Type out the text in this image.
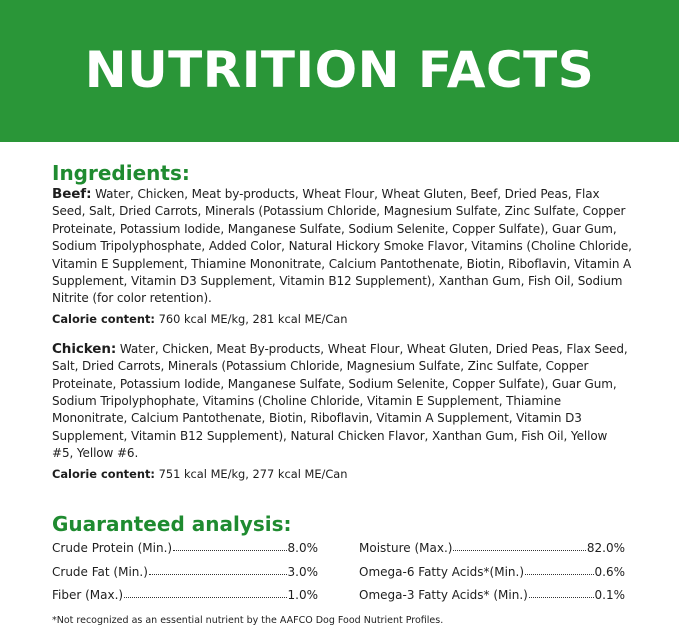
NUTRITION FACTS
Ingredients:

Beef: Water, Chicken, Meat by-products, Wheat Flour, Wheat Gluten, Beef, Dried Peas, Flax Seed, Salt, Dried Carrots, Minerals (Potassium Chloride, Magnesium Sulfate, Zinc Sulfate, Copper Proteinate, Potassium Iodide, Manganese Sulfate, Sodium Selenite, Copper Sulfate), Guar Gum, Sodium Tripolyphosphate, Added Color, Natural Hickory Smoke Flavor, Vitamins (Choline Chloride, Vitamin E Supplement, Thiamine Mononitrate, Calcium Pantothenate, Biotin, Riboflavin, Vitamin A Supplement, Vitamin D3 Supplement, Vitamin B12 Supplement), Xanthan Gum, Fish Oil, Sodium Nitrite (for color retention).

Calorie content: 760 kcal ME/kg, 281 kcal ME/Can

Chicken: Water, Chicken, Meat By-products, Wheat Flour, Wheat Gluten, Dried Peas, Flax Seed, Salt, Dried Carrots, Minerals (Potassium Chloride, Magnesium Sulfate, Zinc Sulfate, Copper Proteinate, Potassium Iodide, Manganese Sulfate, Sodium Selenite, Copper Sulfate), Guar Gum, Sodium Tripolyphophate, Vitamins (Choline Chloride, Vitamin E Supplement, Thiamine Mononitrate, Calcium Pantothenate, Biotin, Riboflavin, Vitamin A Supplement, Vitamin D3 Supplement, Vitamin B12 Supplement), Natural Chicken Flavor, Xanthan Gum, Fish Oil, Yellow #5, Yellow #6.

Calorie content: 751 kcal ME/kg, 277 kcal ME/Can

Guaranteed analysis:
Crude Protein (Min.)	8.0%
Crude Fat (Min.)	3.0%
Fiber (Max.)	1.0%
Moisture (Max.)	82.0%
Omega-6 Fatty Acids*(Min.)	0.6%
Omega-3 Fatty Acids* (Min.)	0.1%
*Not recognized as an essential nutrient by the AAFCO Dog Food Nutrient Profiles.
